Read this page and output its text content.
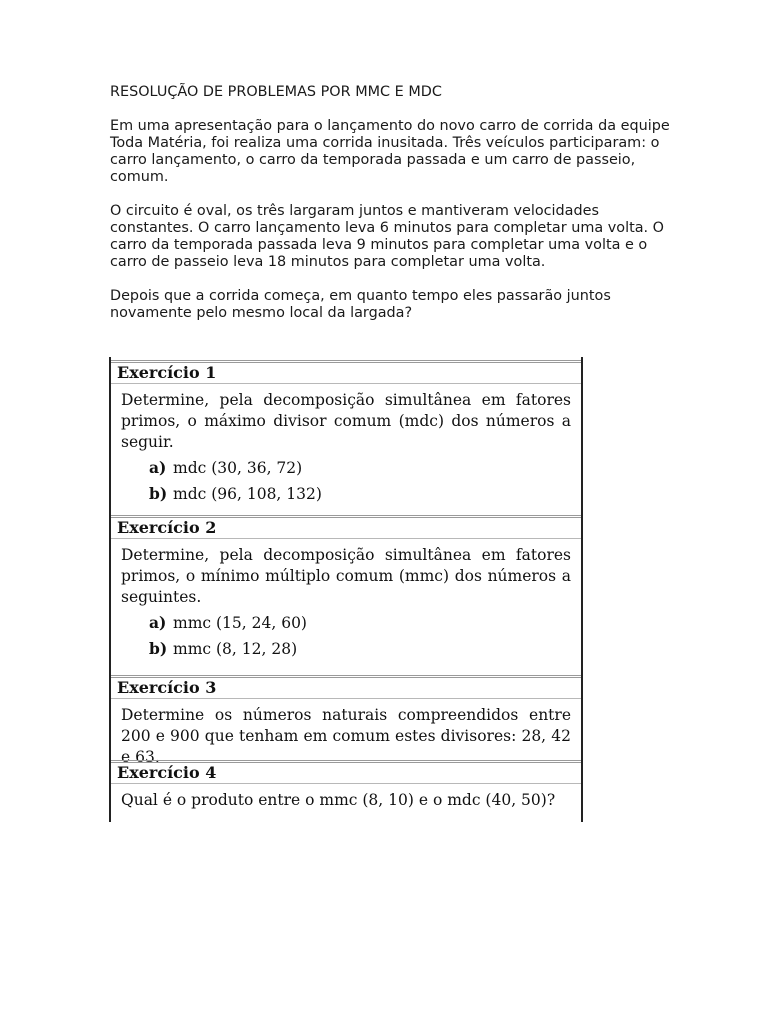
RESOLUÇÃO DE PROBLEMAS POR MMC E MDC

Em uma apresentação para o lançamento do novo carro de corrida da equipe Toda Matéria, foi realiza uma corrida inusitada. Três veículos participaram: o carro lançamento, o carro da temporada passada e um carro de passeio, comum.

O circuito é oval, os três largaram juntos e mantiveram velocidades constantes. O carro lançamento leva 6 minutos para completar uma volta. O carro da temporada passada leva 9 minutos para completar uma volta e o carro de passeio leva 18 minutos para completar uma volta.

Depois que a corrida começa, em quanto tempo eles passarão juntos novamente pelo mesmo local da largada?

Exercício 1
Determine, pela decomposição simultânea em fatores primos, o máximo divisor comum (mdc) dos números a seguir.
a) mdc (30, 36, 72)
b) mdc (96, 108, 132)
Exercício 2
Determine, pela decomposição simultânea em fatores primos, o mínimo múltiplo comum (mmc) dos números a seguintes.
a) mmc (15, 24, 60)
b) mmc (8, 12, 28)
Exercício 3
Determine os números naturais compreendidos entre 200 e 900 que tenham em comum estes divisores: 28, 42 e 63.
Exercício 4
Qual é o produto entre o mmc (8, 10) e o mdc (40, 50)?
